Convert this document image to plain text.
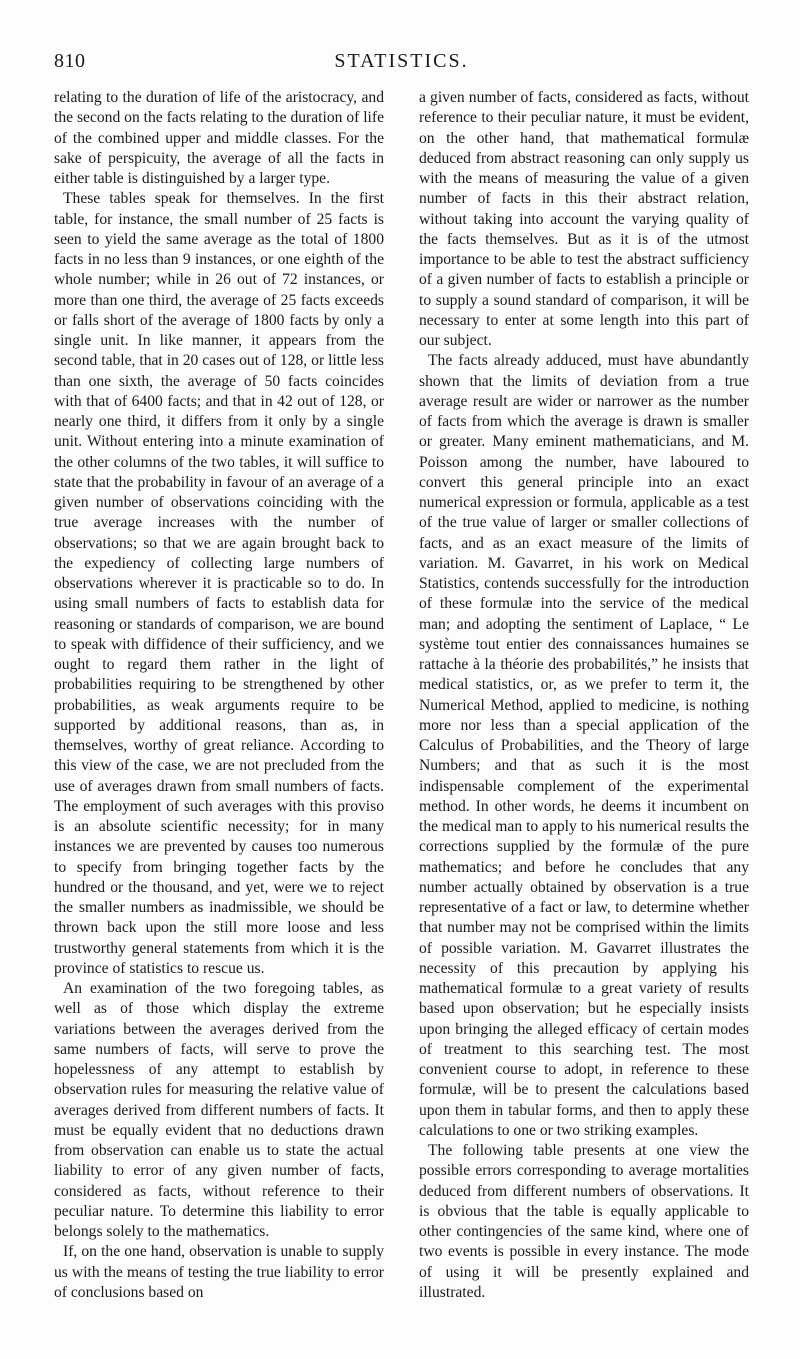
810	STATISTICS.

relating to the duration of life of the aristocracy, and the second on the facts relating to the duration of life of the combined upper and middle classes. For the sake of perspicuity, the average of all the facts in either table is distinguished by a larger type.

These tables speak for themselves. In the first table, for instance, the small number of 25 facts is seen to yield the same average as the total of 1800 facts in no less than 9 instances, or one eighth of the whole number; while in 26 out of 72 instances, or more than one third, the average of 25 facts exceeds or falls short of the average of 1800 facts by only a single unit. In like manner, it appears from the second table, that in 20 cases out of 128, or little less than one sixth, the average of 50 facts coincides with that of 6400 facts; and that in 42 out of 128, or nearly one third, it differs from it only by a single unit. Without entering into a minute examination of the other columns of the two tables, it will suffice to state that the probability in favour of an average of a given number of observations coinciding with the true average increases with the number of observations; so that we are again brought back to the expediency of collecting large numbers of observations wherever it is practicable so to do. In using small numbers of facts to establish data for reasoning or standards of comparison, we are bound to speak with diffidence of their sufficiency, and we ought to regard them rather in the light of probabilities requiring to be strengthened by other probabilities, as weak arguments require to be supported by additional reasons, than as, in themselves, worthy of great reliance. According to this view of the case, we are not precluded from the use of averages drawn from small numbers of facts. The employment of such averages with this proviso is an absolute scientific necessity; for in many instances we are prevented by causes too numerous to specify from bringing together facts by the hundred or the thousand, and yet, were we to reject the smaller numbers as inadmissible, we should be thrown back upon the still more loose and less trustworthy general statements from which it is the province of statistics to rescue us.

An examination of the two foregoing tables, as well as of those which display the extreme variations between the averages derived from the same numbers of facts, will serve to prove the hopelessness of any attempt to establish by observation rules for measuring the relative value of averages derived from different numbers of facts. It must be equally evident that no deductions drawn from observation can enable us to state the actual liability to error of any given number of facts, considered as facts, without reference to their peculiar nature. To determine this liability to error belongs solely to the mathematics.

If, on the one hand, observation is unable to supply us with the means of testing the true liability to error of conclusions based on

a given number of facts, considered as facts, without reference to their peculiar nature, it must be evident, on the other hand, that mathematical formulæ deduced from abstract reasoning can only supply us with the means of measuring the value of a given number of facts in this their abstract relation, without taking into account the varying quality of the facts themselves. But as it is of the utmost importance to be able to test the abstract sufficiency of a given number of facts to establish a principle or to supply a sound standard of comparison, it will be necessary to enter at some length into this part of our subject.

The facts already adduced, must have abundantly shown that the limits of deviation from a true average result are wider or narrower as the number of facts from which the average is drawn is smaller or greater. Many eminent mathematicians, and M. Poisson among the number, have laboured to convert this general principle into an exact numerical expression or formula, applicable as a test of the true value of larger or smaller collections of facts, and as an exact measure of the limits of variation. M. Gavarret, in his work on Medical Statistics, contends successfully for the introduction of these formulæ into the service of the medical man; and adopting the sentiment of Laplace, “ Le système tout entier des connaissances humaines se rattache à la théorie des probabilités,” he insists that medical statistics, or, as we prefer to term it, the Numerical Method, applied to medicine, is nothing more nor less than a special application of the Calculus of Probabilities, and the Theory of large Numbers; and that as such it is the most indispensable complement of the experimental method. In other words, he deems it incumbent on the medical man to apply to his numerical results the corrections supplied by the formulæ of the pure mathematics; and before he concludes that any number actually obtained by observation is a true representative of a fact or law, to determine whether that number may not be comprised within the limits of possible variation. M. Gavarret illustrates the necessity of this precaution by applying his mathematical formulæ to a great variety of results based upon observation; but he especially insists upon bringing the alleged efficacy of certain modes of treatment to this searching test. The most convenient course to adopt, in reference to these formulæ, will be to present the calculations based upon them in tabular forms, and then to apply these calculations to one or two striking examples.

The following table presents at one view the possible errors corresponding to average mortalities deduced from different numbers of observations. It is obvious that the table is equally applicable to other contingencies of the same kind, where one of two events is possible in every instance. The mode of using it will be presently explained and illustrated.
